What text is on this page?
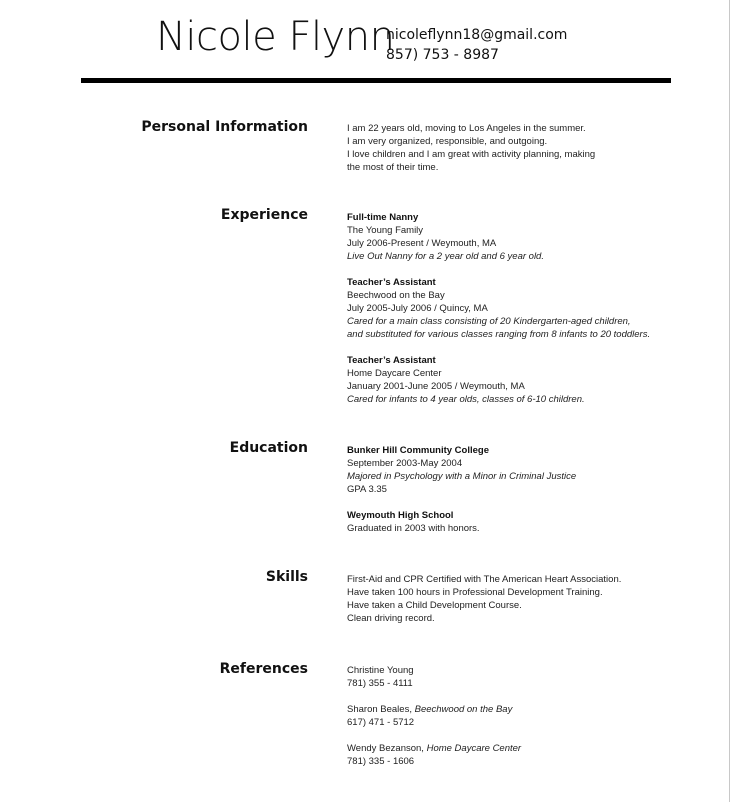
Nicole Flynn
nicoleflynn18@gmail.com
857) 753 - 8987
Personal Information	I am 22 years old, moving to Los Angeles in the summer.
I am very organized, responsible, and outgoing.
I love children and I am great with activity planning, making
the most of their time.
Experience	Full-time Nanny
The Young Family
July 2006-Present / Weymouth, MA
Live Out Nanny for a 2 year old and 6 year old.
Teacher’s Assistant
Beechwood on the Bay
July 2005-July 2006 / Quincy, MA
Cared for a main class consisting of 20 Kindergarten-aged children,
and substituted for various classes ranging from 8 infants to 20 toddlers.
Teacher’s Assistant
Home Daycare Center
January 2001-June 2005 / Weymouth, MA
Cared for infants to 4 year olds, classes of 6-10 children.
Education	Bunker Hill Community College
September 2003-May 2004
Majored in Psychology with a Minor in Criminal Justice
GPA 3.35
Weymouth High School
Graduated in 2003 with honors.
Skills	First-Aid and CPR Certified with The American Heart Association.
Have taken 100 hours in Professional Development Training.
Have taken a Child Development Course.
Clean driving record.
References	Christine Young
781) 355 - 4111
Sharon Beales, Beechwood on the Bay
617) 471 - 5712
Wendy Bezanson, Home Daycare Center
781) 335 - 1606
